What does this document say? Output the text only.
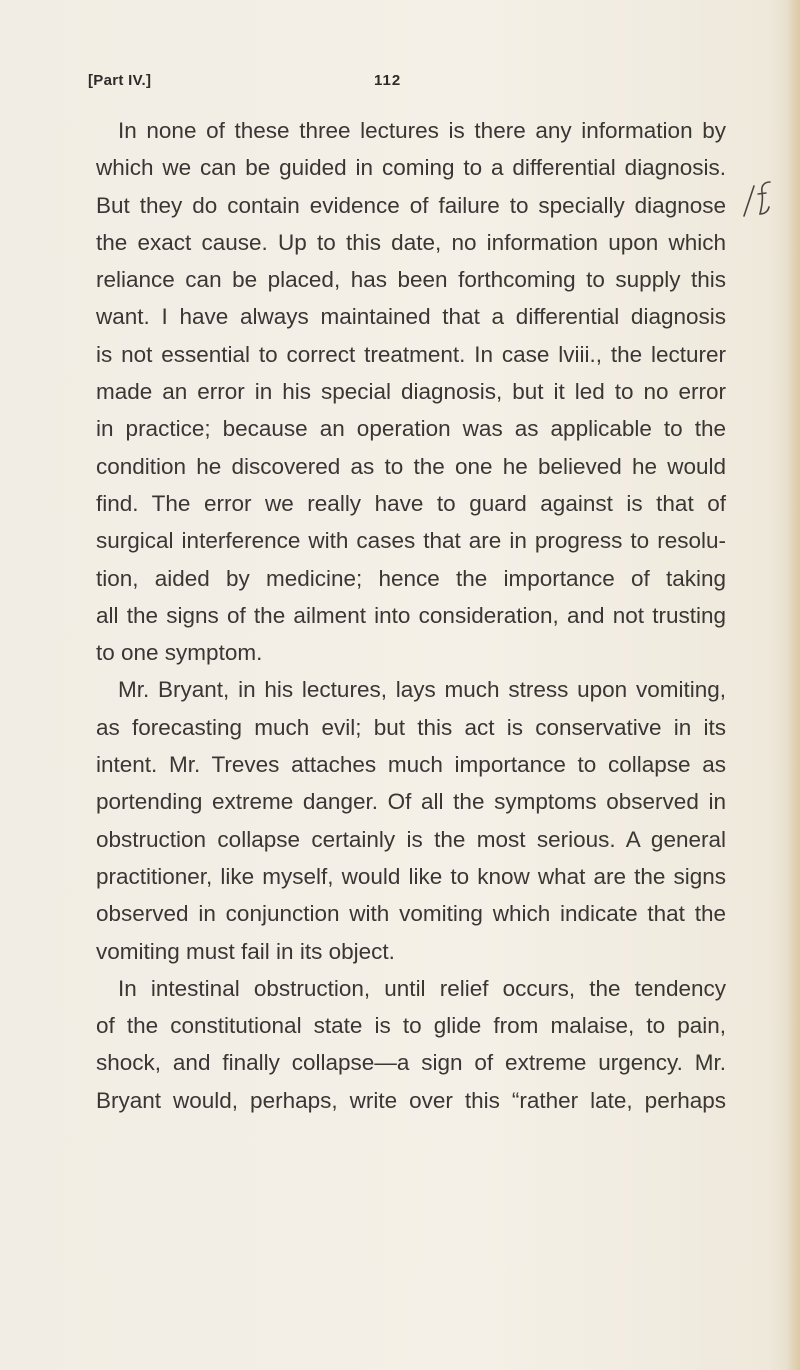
[Part IV.]	112
In none of these three lectures is there any information by
which we can be guided in coming to a differential diagnosis.
But they do contain evidence of failure to specially diagnose
the exact cause. Up to this date, no information upon which
reliance can be placed, has been forthcoming to supply this
want. I have always maintained that a differential diagnosis
is not essential to correct treatment. In case lviii., the lecturer
made an error in his special diagnosis, but it led to no error
in practice; because an operation was as applicable to the
condition he discovered as to the one he believed he would
find. The error we really have to guard against is that of
surgical interference with cases that are in progress to resolu-
tion, aided by medicine; hence the importance of taking
all the signs of the ailment into consideration, and not trusting
to one symptom.
Mr. Bryant, in his lectures, lays much stress upon vomiting,
as forecasting much evil; but this act is conservative in its
intent. Mr. Treves attaches much importance to collapse as
portending extreme danger. Of all the symptoms observed in
obstruction collapse certainly is the most serious. A general
practitioner, like myself, would like to know what are the signs
observed in conjunction with vomiting which indicate that the
vomiting must fail in its object.
In intestinal obstruction, until relief occurs, the tendency
of the constitutional state is to glide from malaise, to pain,
shock, and finally collapse—a sign of extreme urgency. Mr.
Bryant would, perhaps, write over this “rather late, perhaps
